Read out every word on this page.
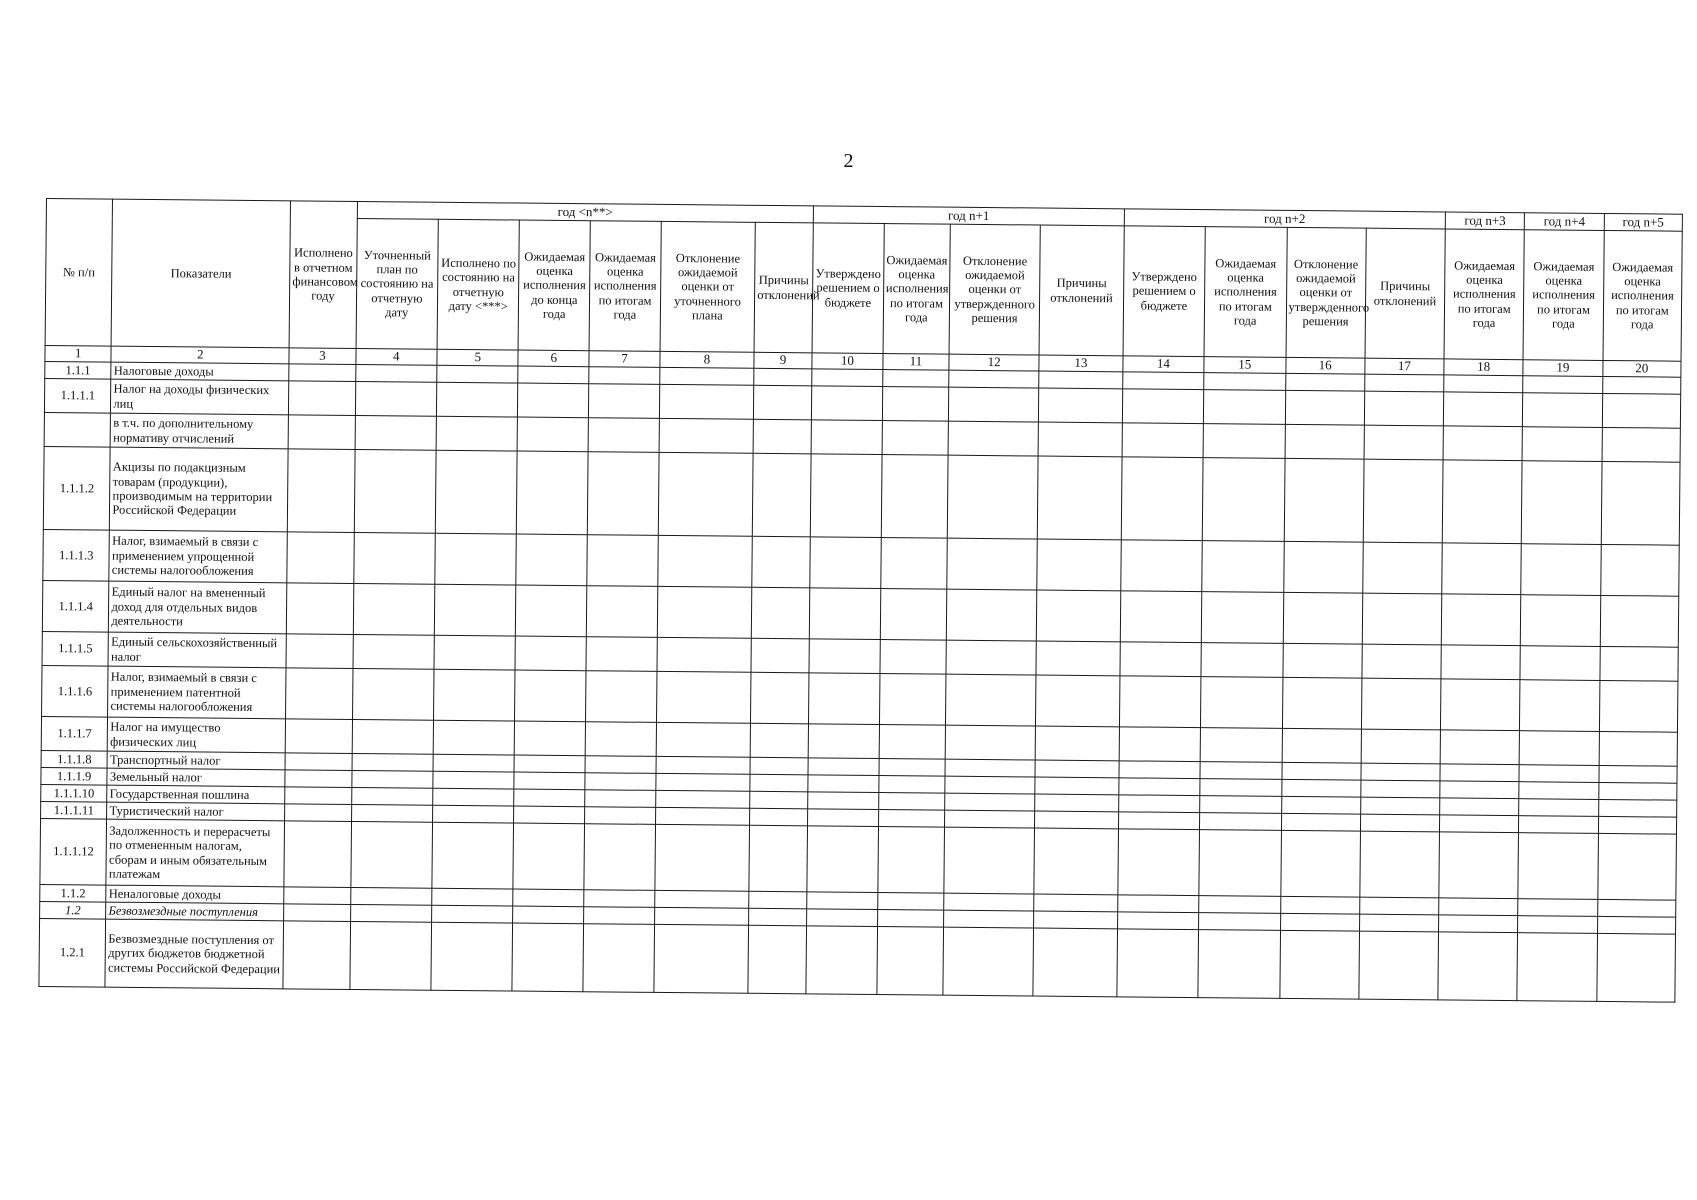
2
№ п/п	Показатели	Исполнено в отчетном финансовом году	год <n**>						год n+1				год n+2				год n+3	год n+4	год n+5
			Уточненный план по состоянию на отчетную дату	Исполнено по состоянию на отчетную дату <***>	Ожидаемая оценка исполнения до конца года	Ожидаемая оценка исполнения по итогам года	Отклонение ожидаемой оценки от уточненного плана	Причины отклонений	Утверждено решением о бюджете	Ожидаемая оценка исполнения по итогам года	Отклонение ожидаемой оценки от утвержденного решения	Причины отклонений	Утверждено решением о бюджете	Ожидаемая оценка исполнения по итогам года	Отклонение ожидаемой оценки от утвержденного решения	Причины отклонений	Ожидаемая оценка исполнения по итогам года	Ожидаемая оценка исполнения по итогам года	Ожидаемая оценка исполнения по итогам года
1	2	3	4	5	6	7	8	9	10	11	12	13	14	15	16	17	18	19	20
1.1.1	Налоговые доходы																		
1.1.1.1	Налог на доходы физических лиц																		
	в т.ч. по дополнительному нормативу отчислений																		
1.1.1.2	Акцизы по подакцизным товарам (продукции), производимым на территории Российской Федерации																		
1.1.1.3	Налог, взимаемый в связи с применением упрощенной системы налогообложения																		
1.1.1.4	Единый налог на вмененный доход для отдельных видов деятельности																		
1.1.1.5	Единый сельскохозяйственный налог																		
1.1.1.6	Налог, взимаемый в связи с применением патентной системы налогообложения																		
1.1.1.7	Налог на имущество физических лиц																		
1.1.1.8	Транспортный налог																		
1.1.1.9	Земельный налог																		
1.1.1.10	Государственная пошлина																		
1.1.1.11	Туристический налог																		
1.1.1.12	Задолженность и перерасчеты по отмененным налогам, сборам и иным обязательным платежам																		
1.1.2	Неналоговые доходы																		
1.2	Безвозмездные поступления																		
1.2.1	Безвозмездные поступления от других бюджетов бюджетной системы Российской Федерации																		
